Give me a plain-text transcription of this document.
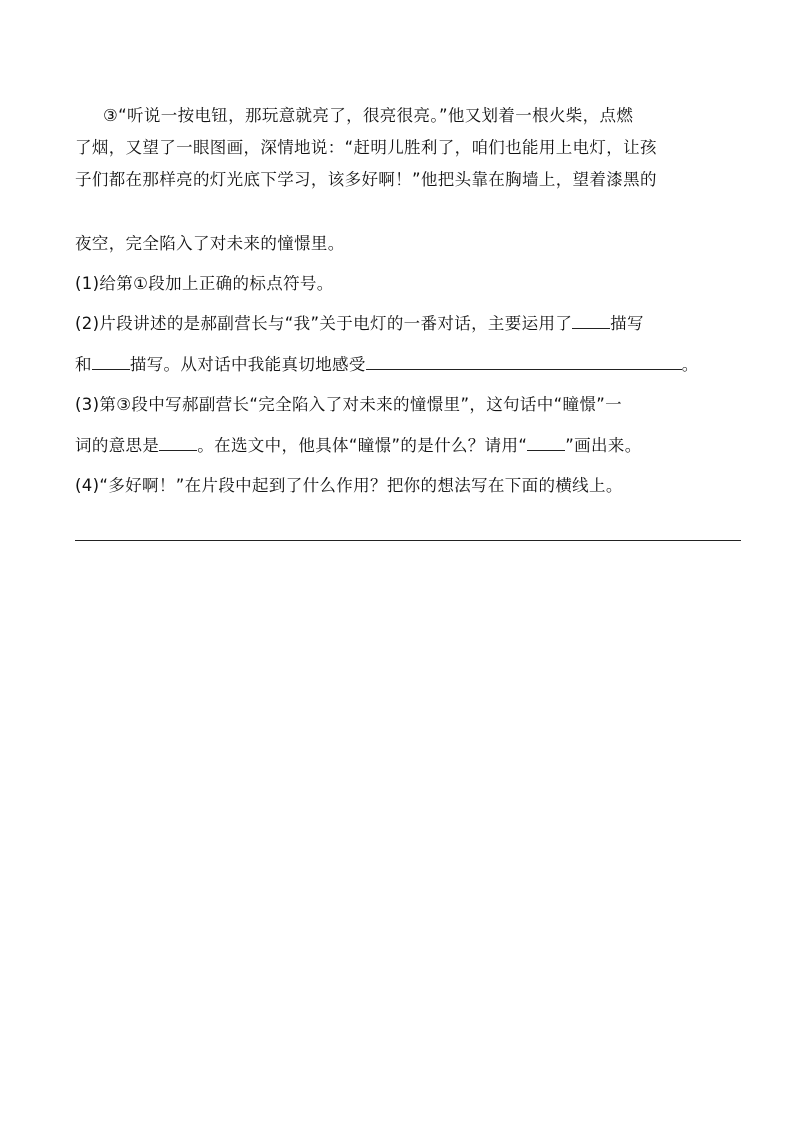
③“听说一按电钮，那玩意就亮了，很亮很亮。”他又划着一根火柴，点燃
了烟，又望了一眼图画，深情地说：“赶明儿胜利了，咱们也能用上电灯，让孩
子们都在那样亮的灯光底下学习，该多好啊！”他把头靠在胸墙上，望着漆黑的
夜空，完全陷入了对未来的憧憬里。
(1)给第①段加上正确的标点符号。
(2)片段讲述的是郝副营长与“我”关于电灯的一番对话，主要运用了 描写
和 描写。从对话中我能真切地感受	。
(3)第③段中写郝副营长“完全陷入了对未来的憧憬里”，这句话中“瞳憬”一
词的意思是 。在选文中，他具体“瞳憬”的是什么？请用“ ”画出来。
(4)“多好啊！”在片段中起到了什么作用？把你的想法写在下面的横线上。
